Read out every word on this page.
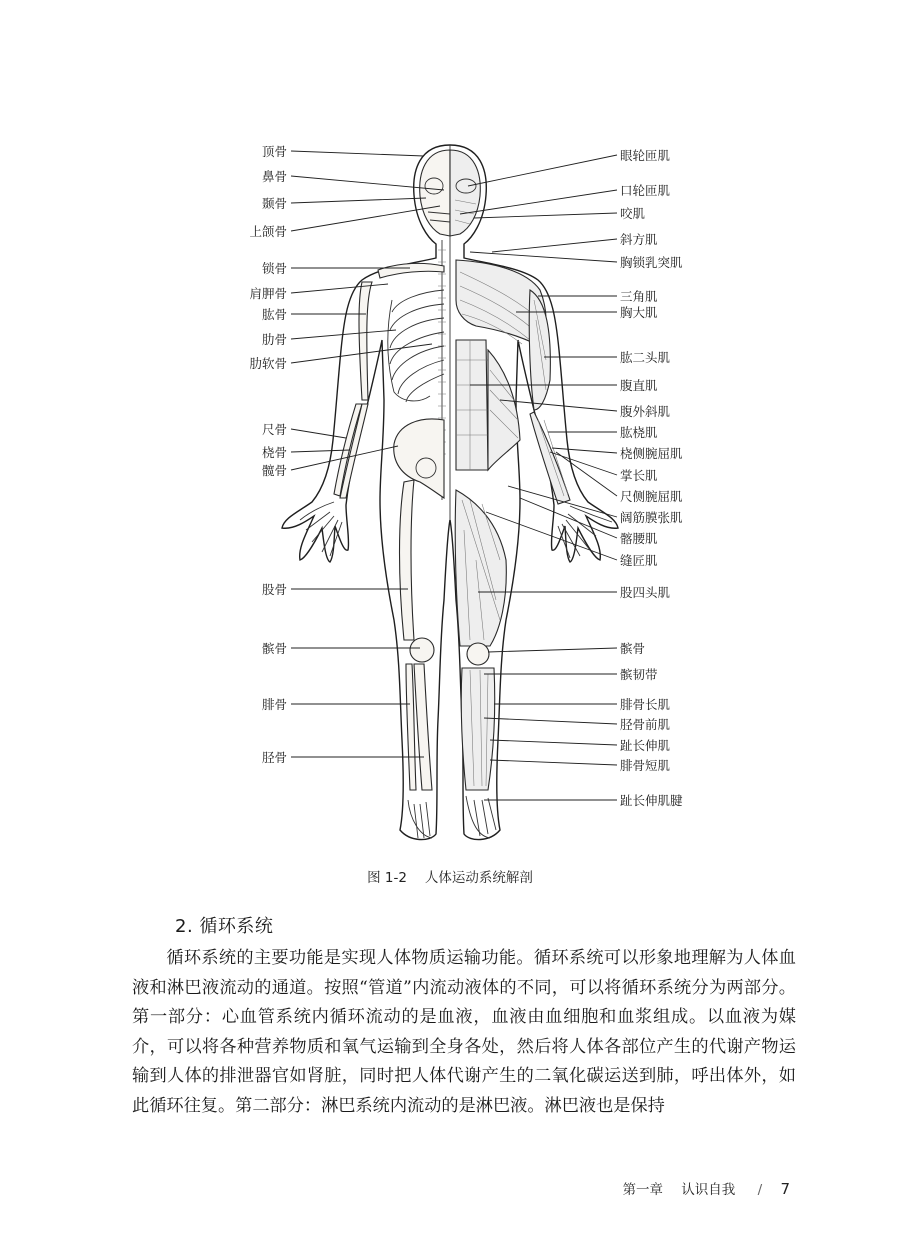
顶骨
鼻骨
颞骨
上颌骨
锁骨
肩胛骨
肱骨
肋骨
肋软骨
尺骨
桡骨
髋骨
股骨
髌骨
腓骨
胫骨
眼轮匝肌
口轮匝肌
咬肌
斜方肌
胸锁乳突肌
三角肌
胸大肌
肱二头肌
腹直肌
腹外斜肌
肱桡肌
桡侧腕屈肌
掌长肌
尺侧腕屈肌
阔筋膜张肌
髂腰肌
缝匠肌
股四头肌
髌骨
髌韧带
腓骨长肌
胫骨前肌
趾长伸肌
腓骨短肌
趾长伸肌腱
图 1-2 人体运动系统解剖
2. 循环系统

循环系统的主要功能是实现人体物质运输功能。循环系统可以形象地理解为人体血液和淋巴液流动的通道。按照“管道”内流动液体的不同，可以将循环系统分为两部分。第一部分：心血管系统内循环流动的是血液，血液由血细胞和血浆组成。以血液为媒介，可以将各种营养物质和氧气运输到全身各处，然后将人体各部位产生的代谢产物运输到人体的排泄器官如肾脏，同时把人体代谢产生的二氧化碳运送到肺，呼出体外，如此循环往复。第二部分：淋巴系统内流动的是淋巴液。淋巴液也是保持

第一章 认识自我 / 7
